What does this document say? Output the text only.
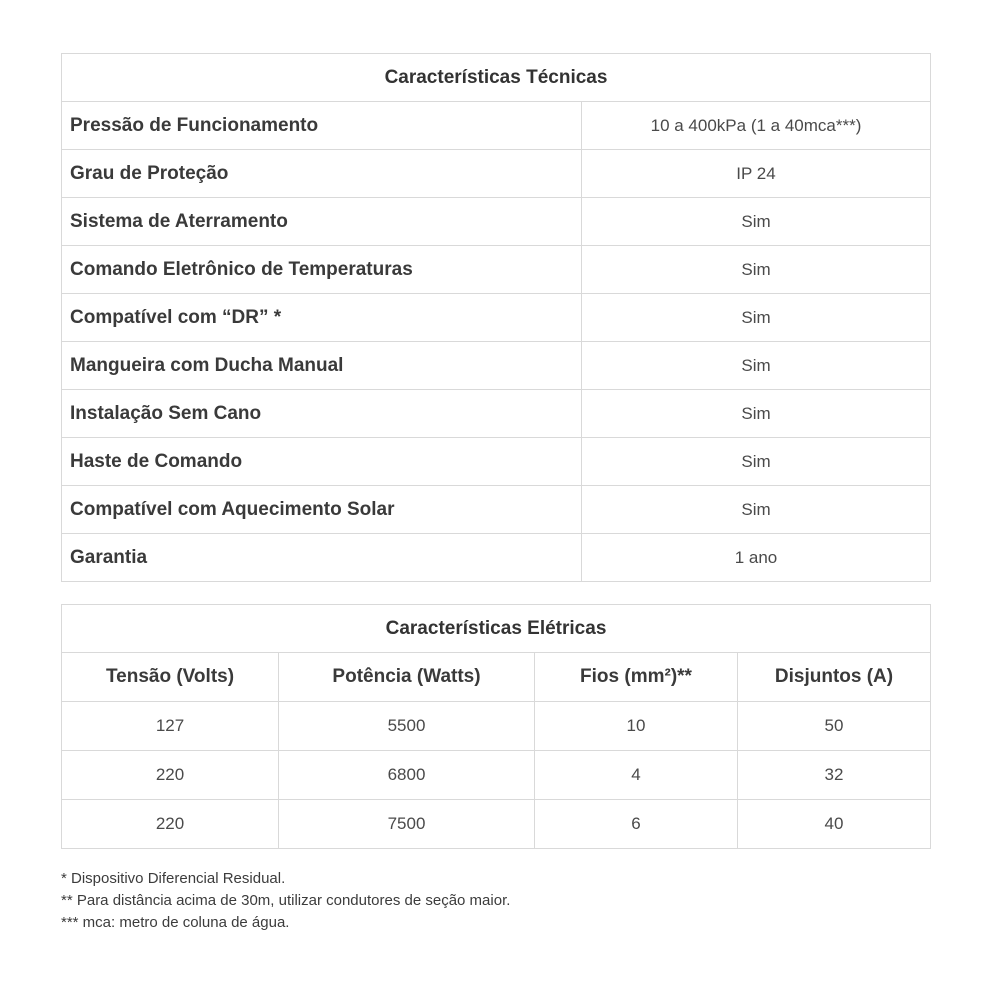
Características Técnicas	
Pressão de Funcionamento	10 a 400kPa (1 a 40mca***)
Grau de Proteção	IP 24
Sistema de Aterramento	Sim
Comando Eletrônico de Temperaturas	Sim
Compatível com “DR” *	Sim
Mangueira com Ducha Manual	Sim
Instalação Sem Cano	Sim
Haste de Comando	Sim
Compatível com Aquecimento Solar	Sim
Garantia	1 ano
Características Elétricas			
Tensão (Volts)	Potência (Watts)	Fios (mm²)**	Disjuntos (A)
127	5500	10	50
220	6800	4	32
220	7500	6	40
* Dispositivo Diferencial Residual.
** Para distância acima de 30m, utilizar condutores de seção maior.
*** mca: metro de coluna de água.
